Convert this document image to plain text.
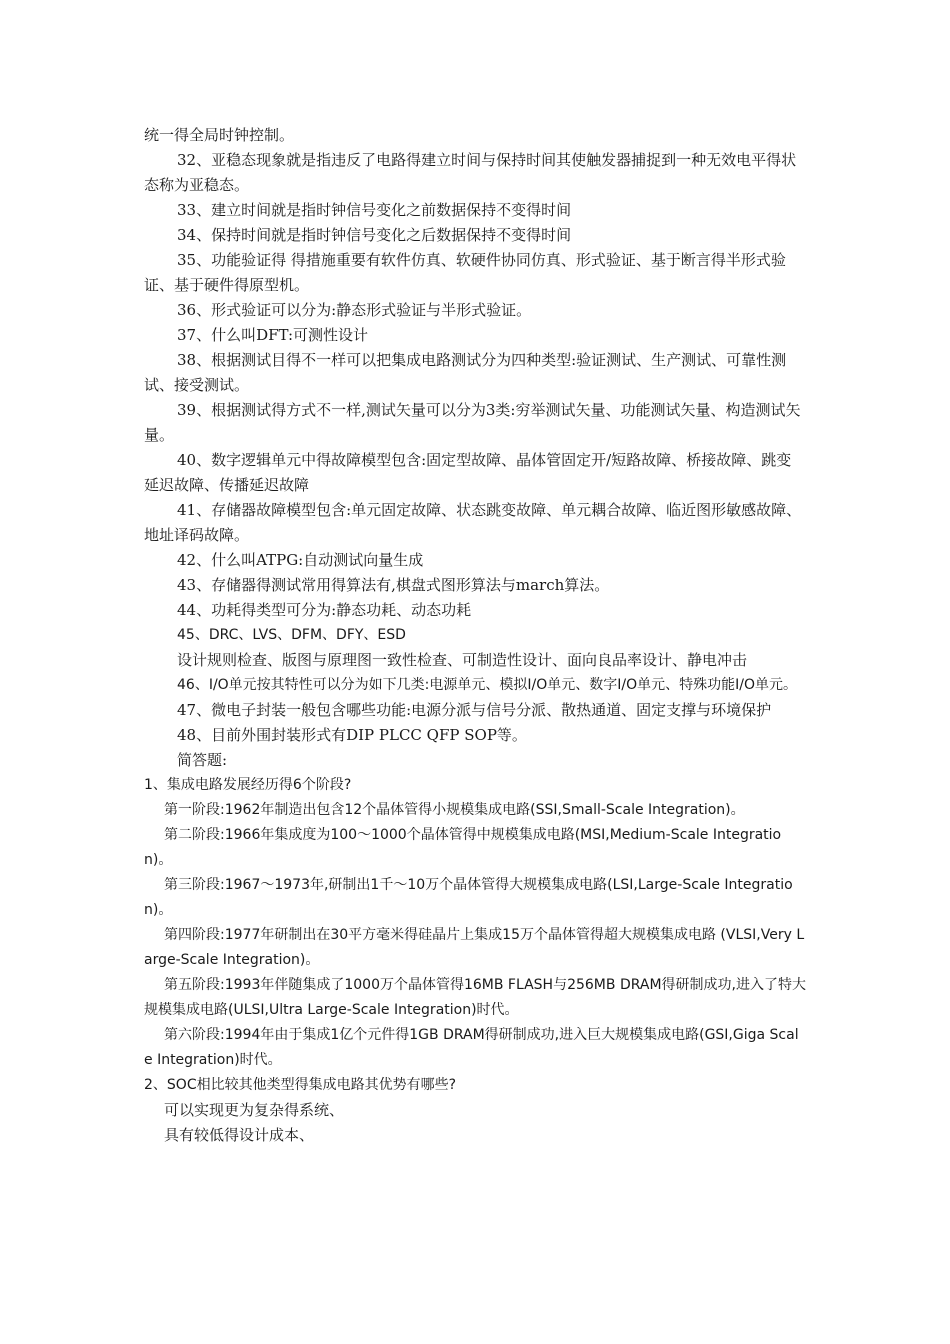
统一得全局时钟控制。

32、亚稳态现象就是指违反了电路得建立时间与保持时间其使触发器捕捉到一种无效电平得状态称为亚稳态。

33、建立时间就是指时钟信号变化之前数据保持不变得时间

34、保持时间就是指时钟信号变化之后数据保持不变得时间

35、功能验证得 得措施重要有软件仿真、软硬件协同仿真、形式验证、基于断言得半形式验证、基于硬件得原型机。

36、形式验证可以分为:静态形式验证与半形式验证。

37、什么叫DFT:可测性设计

38、根据测试目得不一样可以把集成电路测试分为四种类型:验证测试、生产测试、可靠性测试、接受测试。

39、根据测试得方式不一样,测试矢量可以分为3类:穷举测试矢量、功能测试矢量、构造测试矢量。

40、数字逻辑单元中得故障模型包含:固定型故障、晶体管固定开/短路故障、桥接故障、跳变延迟故障、传播延迟故障

41、存储器故障模型包含:单元固定故障、状态跳变故障、单元耦合故障、临近图形敏感故障、地址译码故障。

42、什么叫ATPG:自动测试向量生成

43、存储器得测试常用得算法有,棋盘式图形算法与march算法。

44、功耗得类型可分为:静态功耗、动态功耗

45、DRC、LVS、DFM、DFY、ESD

设计规则检查、版图与原理图一致性检查、可制造性设计、面向良品率设计、静电冲击

46、I/O单元按其特性可以分为如下几类:电源单元、模拟I/O单元、数字I/O单元、特殊功能I/O单元。

47、微电子封装一般包含哪些功能:电源分派与信号分派、散热通道、固定支撑与环境保护

48、目前外围封装形式有DIP PLCC QFP SOP等。

简答题:

1、集成电路发展经历得6个阶段?

第一阶段:1962年制造出包含12个晶体管得小规模集成电路(SSI,Small-Scale Integration)。

第二阶段:1966年集成度为100～1000个晶体管得中规模集成电路(MSI,Medium-Scale Integration)。

第三阶段:1967～1973年,研制出1千～10万个晶体管得大规模集成电路(LSI,Large-Scale Integration)。

第四阶段:1977年研制出在30平方毫米得硅晶片上集成15万个晶体管得超大规模集成电路 (VLSI,Very Large-Scale Integration)。

第五阶段:1993年伴随集成了1000万个晶体管得16MB FLASH与256MB DRAM得研制成功,进入了特大规模集成电路(ULSI,Ultra Large-Scale Integration)时代。

第六阶段:1994年由于集成1亿个元件得1GB DRAM得研制成功,进入巨大规模集成电路(GSI,Giga Scale Integration)时代。

2、SOC相比较其他类型得集成电路其优势有哪些?

可以实现更为复杂得系统、

具有较低得设计成本、
